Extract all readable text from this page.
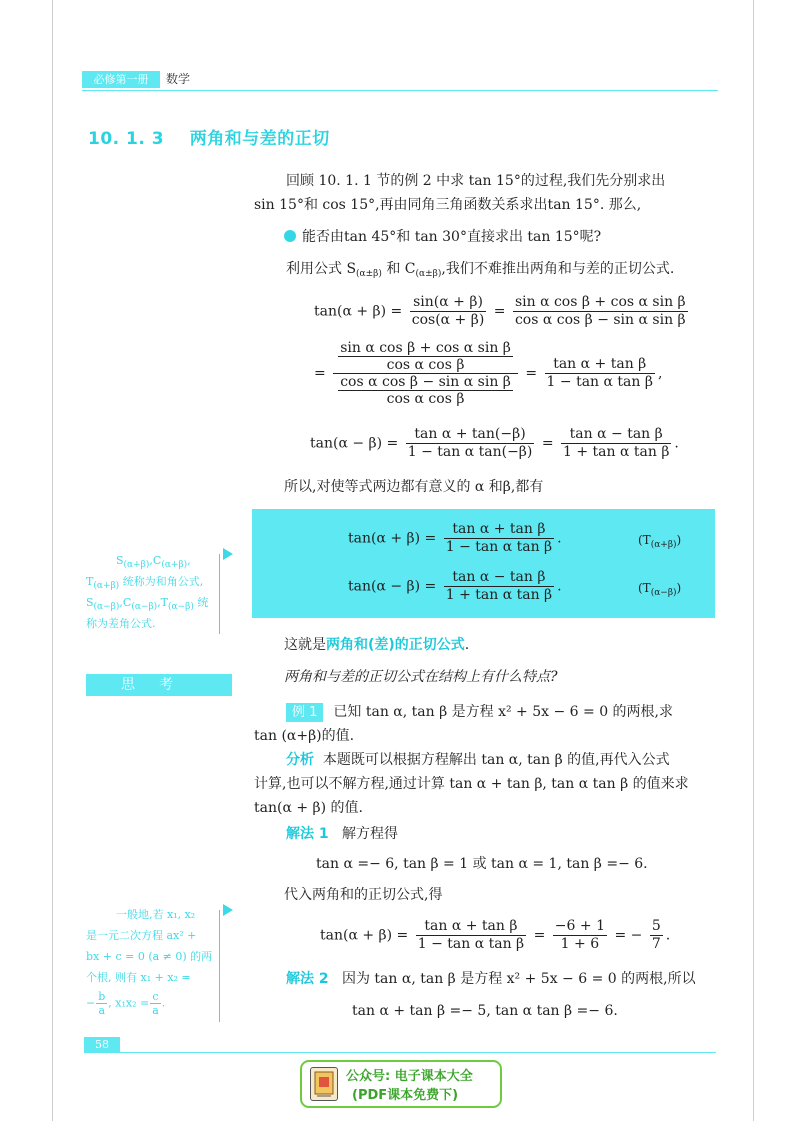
必修第一册	数学
10. 1. 3 两角和与差的正切
回顾 10. 1. 1 节的例 2 中求 tan 15°的过程,我们先分别求出
sin 15°和 cos 15°,再由同角三角函数关系求出tan 15°. 那么,
能否由tan 45°和 tan 30°直接求出 tan 15°呢?
利用公式 $S_{(\alpha\pm\beta)}$ 和 $C_{(\alpha\pm\beta)}$,我们不难推出两角和与差的正切公式.
$\tan(\alpha + \beta) = \frac{\sin(\alpha + \beta)}{\cos(\alpha + \beta)} = \frac{\text{sin α cos β + cos α sin β}}{\text{cos α cos β − sin α sin β}}$
= $\frac{\frac{\text{sin α cos β + cos α sin β}}{\text{cos α cos β}}}{\frac{\text{cos α cos β − sin α sin β}}{\text{cos α cos β}}} = \frac{\text{tan α + tan β}}{\text{1 − tan α tan β}}$ ,
$\tan(\alpha - \beta) = \frac{\text{tan α + tan(−β)}}{\text{1 − tan α tan(−β)}} = \frac{\text{tan α − tan β}}{\text{1 + tan α tan β}}$ .
所以,对使等式两边都有意义的 α 和β,都有
$\tan(\alpha + \beta) = \frac{\text{tan α + tan β}}{\text{1 − tan α tan β}}$ .	$(T_{(\alpha+\beta)})$
$\tan(\alpha - \beta) = \frac{\text{tan α − tan β}}{\text{1 + tan α tan β}}$ .	$(T_{(\alpha-\beta)})$
$S_{(\alpha+\beta)},C_{(\alpha+\beta)}$,
$T_{(\alpha+\beta)}$ 统称为和角公式,
$S_{(\alpha-\beta)},C_{(\alpha-\beta)},T_{(\alpha-\beta)}$ 统
称为差角公式.
这就是两角和(差)的正切公式.
思考	两角和与差的正切公式在结构上有什么特点?
例 1 已知 tan α, tan β 是方程 x² + 5x − 6 = 0 的两根,求
tan (α+β)的值.
分析 本题既可以根据方程解出 tan α, tan β 的值,再代入公式
计算,也可以不解方程,通过计算 tan α + tan β, tan α tan β 的值来求
tan(α + β) 的值.
解法 1 解方程得
tan α =− 6, tan β = 1 或 tan α = 1, tan β =− 6.
代入两角和的正切公式,得
$\tan(\alpha + \beta) = \frac{\text{tan α + tan β}}{\text{1 − tan α tan β}} = \frac{-6 + 1}{1 + 6}$ = − $\frac{5}{7}$ .
一般地,若 x₁, x₂
是一元二次方程 ax² +
bx + c = 0 (a ≠ 0) 的两
个根, 则有 x₁ + x₂ =
− $\frac{b}{a}$ , $x_1x_2 = \frac{c}{a}$ .
解法 2 因为 tan α, tan β 是方程 x² + 5x − 6 = 0 的两根,所以
tan α + tan β =− 5, tan α tan β =− 6.
58
公众号: 电子课本大全
(PDF课本免费下)
